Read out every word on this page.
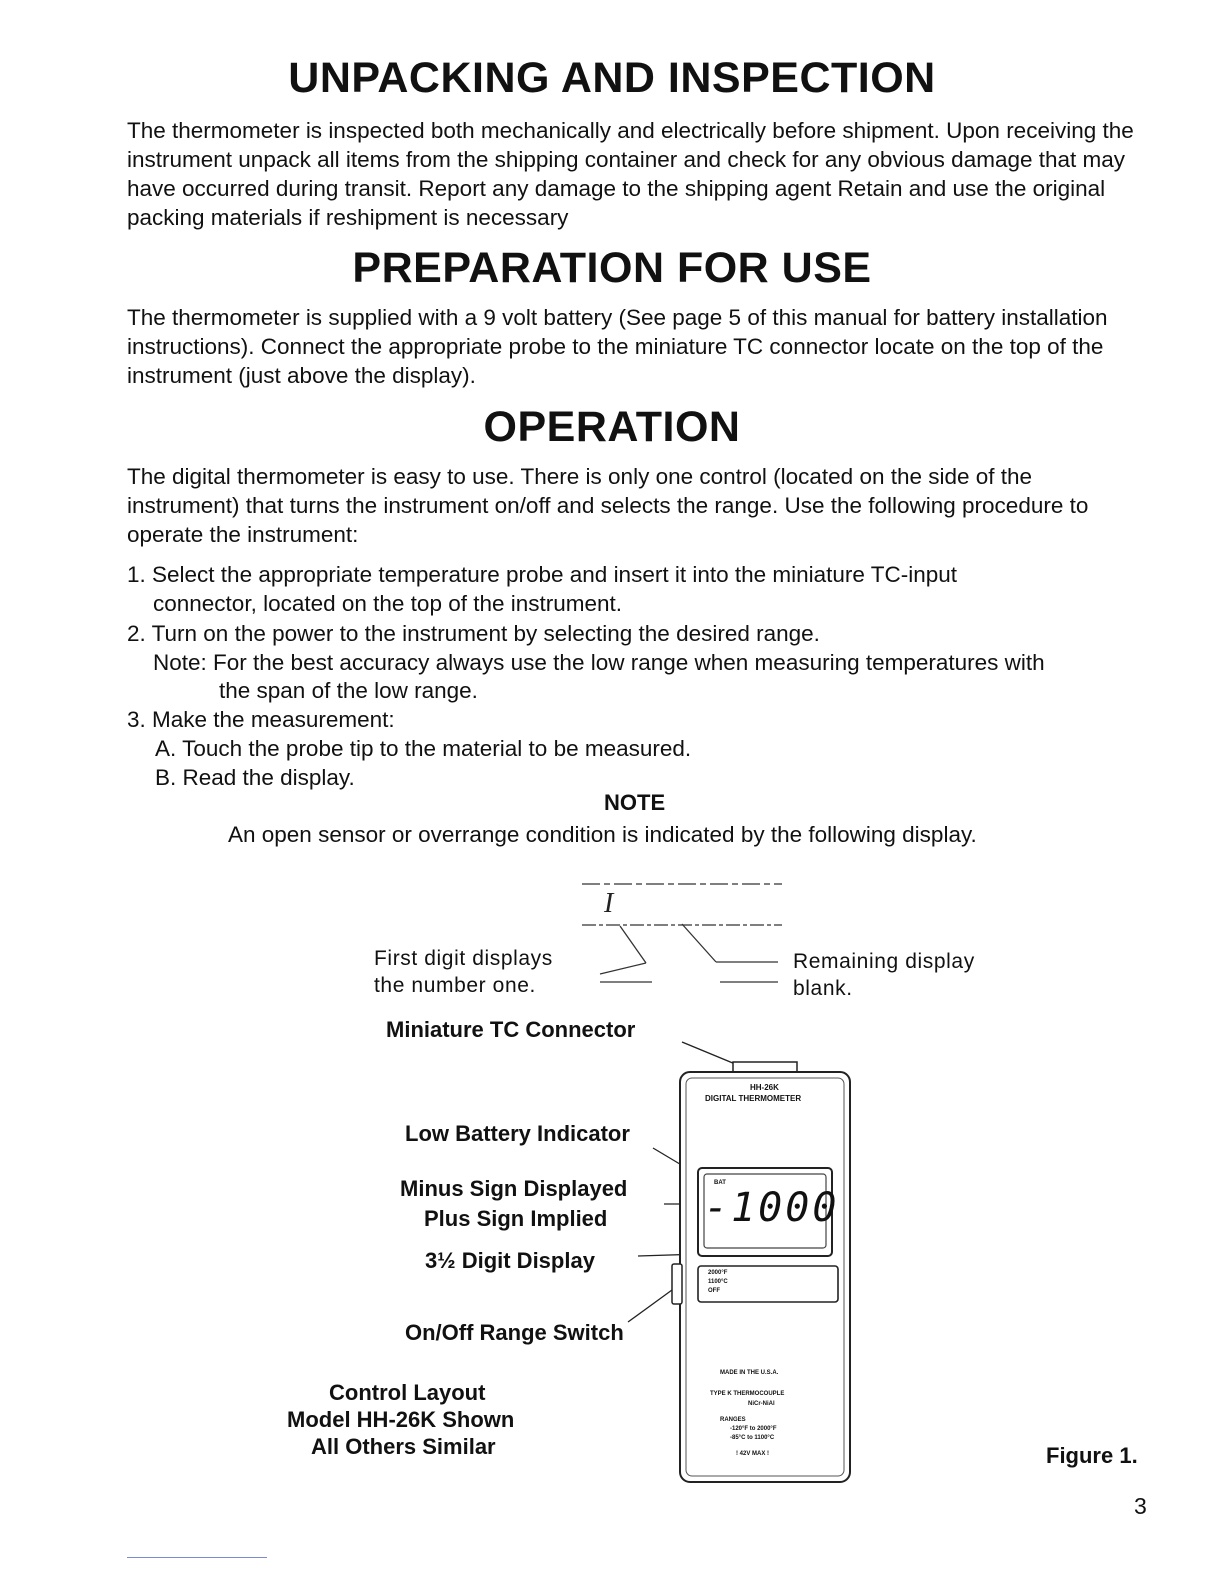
UNPACKING AND INSPECTION

The thermometer is inspected both mechanically and electrically before shipment. Upon receiving the instrument unpack all items from the shipping container and check for any obvious damage that may have occurred during transit. Report any damage to the shipping agent Retain and use the original packing materials if reshipment is necessary

PREPARATION FOR USE

The thermometer is supplied with a 9 volt battery (See page 5 of this manual for battery installation instructions). Connect the appropriate probe to the miniature TC connector locate on the top of the instrument (just above the display).

OPERATION

The digital thermometer is easy to use. There is only one control (located on the side of the instrument) that turns the instrument on/off and selects the range. Use the following procedure to operate the instrument:

1. Select the appropriate temperature probe and insert it into the miniature TC-input
connector, located on the top of the instrument.
2. Turn on the power to the instrument by selecting the desired range.
Note: For the best accuracy always use the low range when measuring temperatures with
the span of the low range.
3. Make the measurement:
A. Touch the probe tip to the material to be measured.
B. Read the display.
NOTE
An open sensor or overrange condition is indicated by the following display.
I
First digit displays
the number one.
Remaining display
blank.
Miniature TC Connector
Low Battery Indicator
Minus Sign Displayed
Plus Sign Implied
3½ Digit Display
On/Off Range Switch
Control Layout
Model HH-26K Shown
All Others Similar
HH-26K
DIGITAL THERMOMETER
BAT
-1000
2000°F
1100°C
OFF
MADE IN THE U.S.A.
TYPE K THERMOCOUPLE
NiCr-NiAl
RANGES
-120°F to 2000°F
-85°C to 1100°C
! 42V MAX !	Figure 1.
3
